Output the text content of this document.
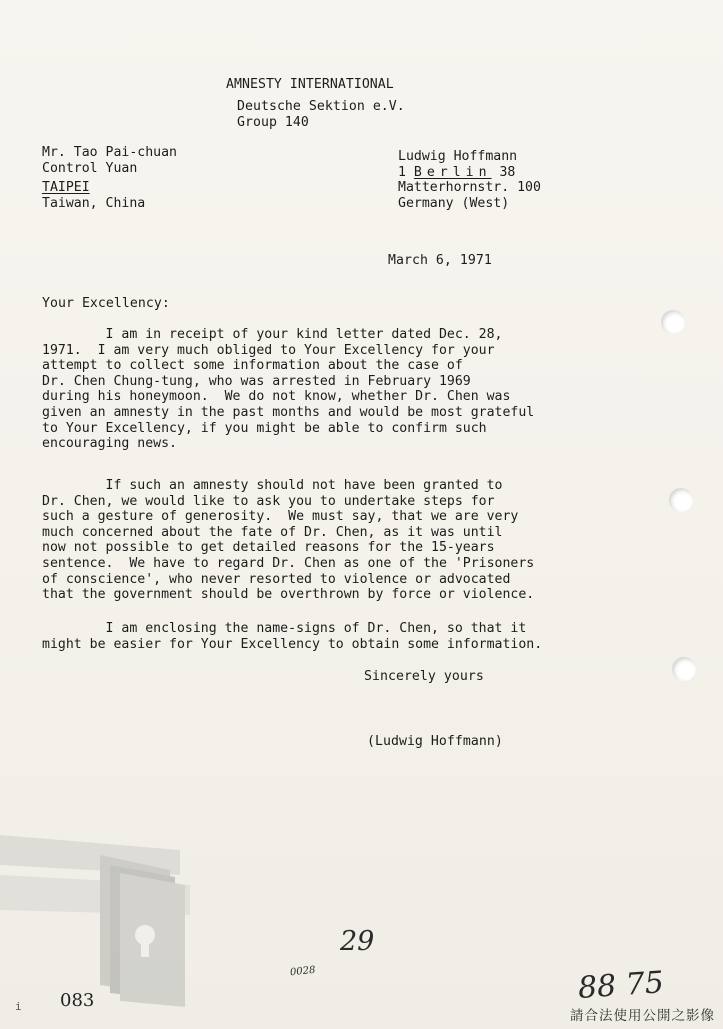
AMNESTY INTERNATIONAL
Deutsche Sektion e.V.
Group 140
Mr. Tao Pai-chuan
Control Yuan
TAIPEI
Taiwan, China
Ludwig Hoffmann
1 Berlin 38
Matterhornstr. 100
Germany (West)
March 6, 1971
Your Excellency:
I am in receipt of your kind letter dated Dec. 28,
1971.  I am very much obliged to Your Excellency for your
attempt to collect some information about the case of
Dr. Chen Chung-tung, who was arrested in February 1969
during his honeymoon.  We do not know, whether Dr. Chen was
given an amnesty in the past months and would be most grateful
to Your Excellency, if you might be able to confirm such
encouraging news.
If such an amnesty should not have been granted to
Dr. Chen, we would like to ask you to undertake steps for
such a gesture of generosity.  We must say, that we are very
much concerned about the fate of Dr. Chen, as it was until
now not possible to get detailed reasons for the 15-years
sentence.  We have to regard Dr. Chen as one of the 'Prisoners
of conscience', who never resorted to violence or advocated
that the government should be overthrown by force or violence.
I am enclosing the name-signs of Dr. Chen, so that it
might be easier for Your Excellency to obtain some information.
Sincerely yours
(Ludwig Hoffmann)
083
29
0028	88 75
i
請合法使用公開之影像
